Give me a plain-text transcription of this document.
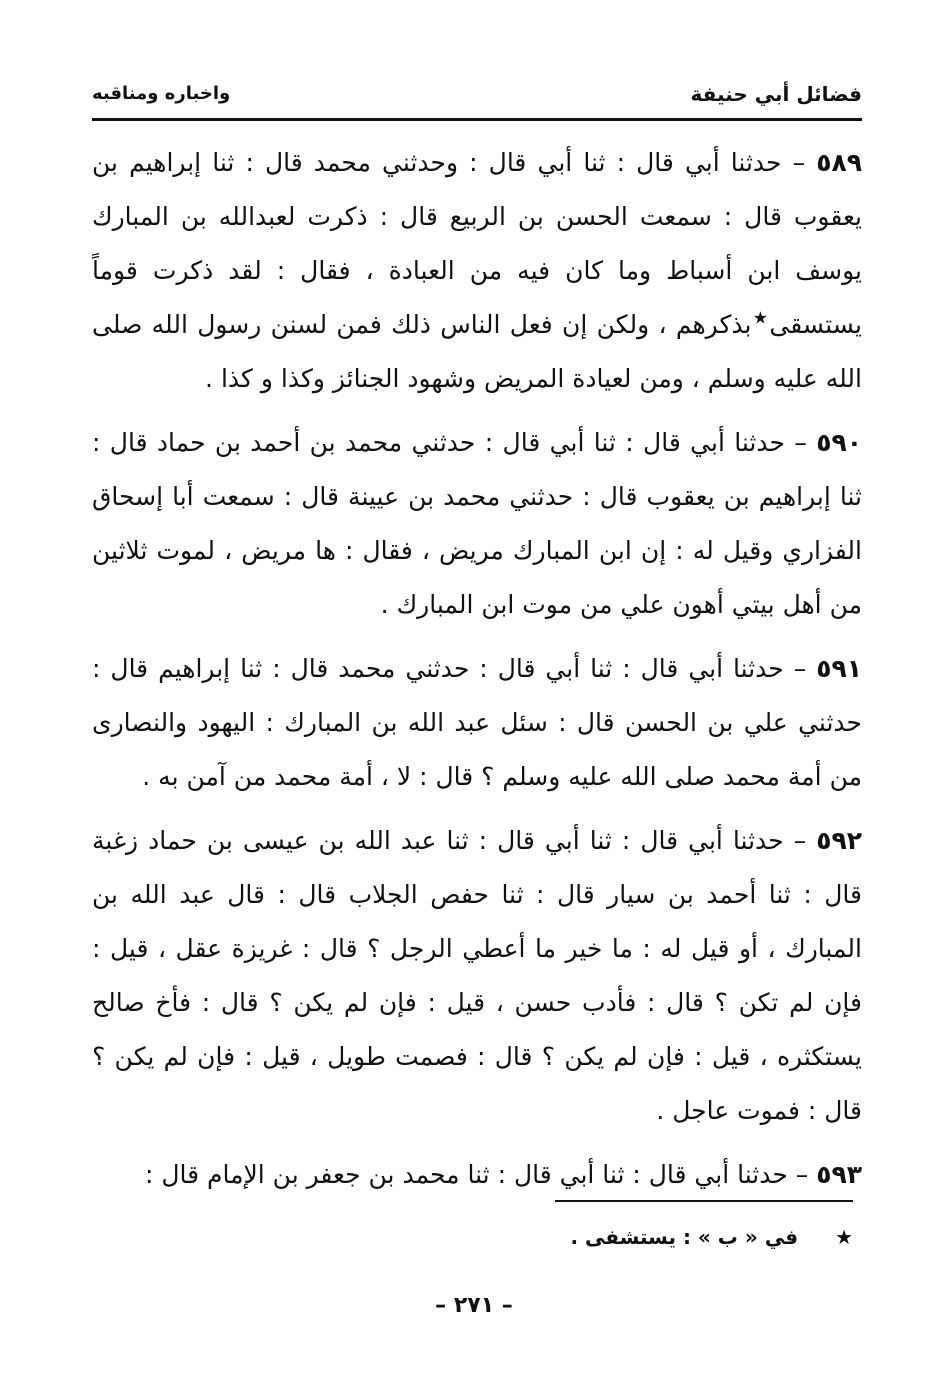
فضائل أبي حنيفة
واخباره ومناقبه

٥٨٩ – حدثنا أبي قال : ثنا أبي قال : وحدثني محمد قال : ثنا إبراهيم بن يعقوب قال : سمعت الحسن بن الربيع قال : ذكرت لعبدالله بن المبارك يوسف ابن أسباط وما كان فيه من العبادة ، فقال : لقد ذكرت قوماً يستسقى★بذكرهم ، ولكن إن فعل الناس ذلك فمن لسنن رسول الله صلى الله عليه وسلم ، ومن لعيادة المريض وشهود الجنائز وكذا و كذا .

٥٩٠ – حدثنا أبي قال : ثنا أبي قال : حدثني محمد بن أحمد بن حماد قال : ثنا إبراهيم بن يعقوب قال : حدثني محمد بن عيينة قال : سمعت أبا إسحاق الفزاري وقيل له : إن ابن المبارك مريض ، فقال : ها مريض ، لموت ثلاثين من أهل بيتي أهون علي من موت ابن المبارك .

٥٩١ – حدثنا أبي قال : ثنا أبي قال : حدثني محمد قال : ثنا إبراهيم قال : حدثني علي بن الحسن قال : سئل عبد الله بن المبارك : اليهود والنصارى من أمة محمد صلى الله عليه وسلم ؟ قال : لا ، أمة محمد من آمن به .

٥٩٢ – حدثنا أبي قال : ثنا أبي قال : ثنا عبد الله بن عيسى بن حماد زغبة قال : ثنا أحمد بن سيار قال : ثنا حفص الجلاب قال : قال عبد الله بن المبارك ، أو قيل له : ما خير ما أعطي الرجل ؟ قال : غريزة عقل ، قيل : فإن لم تكن ؟ قال : فأدب حسن ، قيل : فإن لم يكن ؟ قال : فأخ صالح يستكثره ، قيل : فإن لم يكن ؟ قال : فصمت طويل ، قيل : فإن لم يكن ؟ قال : فموت عاجل .

٥٩٣ – حدثنا أبي قال : ثنا أبي قال : ثنا محمد بن جعفر بن الإمام قال :

★ في « ب » : يستشفى .
– ٢٧١ –
